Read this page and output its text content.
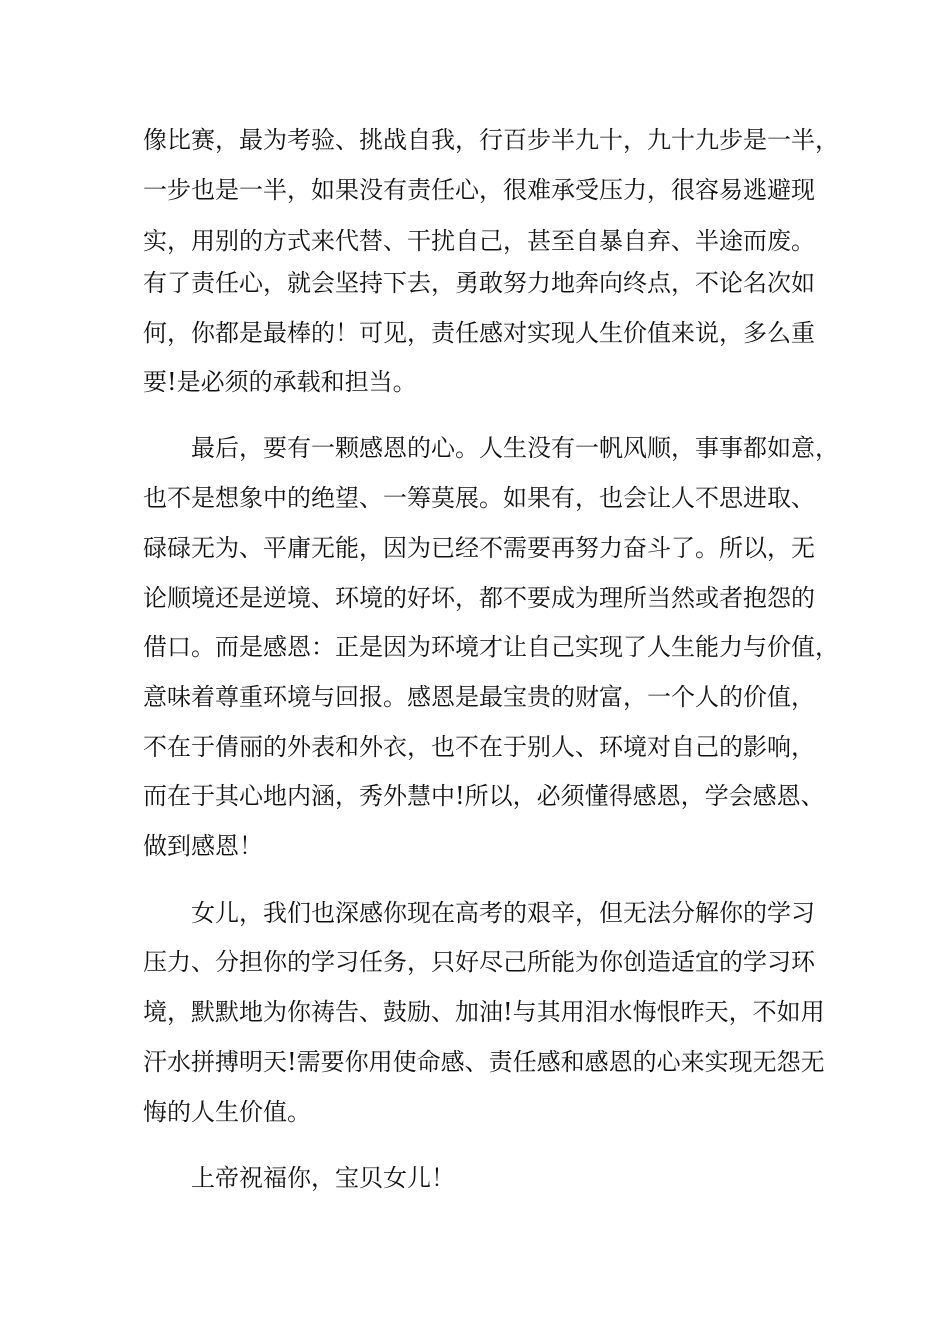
像比赛，最为考验、挑战自我，行百步半九十，九十九步是一半，
一步也是一半，如果没有责任心，很难承受压力，很容易逃避现
实，用别的方式来代替、干扰自己，甚至自暴自弃、半途而废。
有了责任心，就会坚持下去，勇敢努力地奔向终点，不论名次如
何，你都是最棒的！可见，责任感对实现人生价值来说，多么重
要!是必须的承载和担当。
最后，要有一颗感恩的心。人生没有一帆风顺，事事都如意，
也不是想象中的绝望、一筹莫展。如果有，也会让人不思进取、
碌碌无为、平庸无能，因为已经不需要再努力奋斗了。所以，无
论顺境还是逆境、环境的好坏，都不要成为理所当然或者抱怨的
借口。而是感恩：正是因为环境才让自己实现了人生能力与价值，
意味着尊重环境与回报。感恩是最宝贵的财富，一个人的价值，
不在于倩丽的外表和外衣，也不在于别人、环境对自己的影响，
而在于其心地内涵，秀外慧中!所以，必须懂得感恩，学会感恩、
做到感恩！
女儿，我们也深感你现在高考的艰辛，但无法分解你的学习
压力、分担你的学习任务，只好尽己所能为你创造适宜的学习环
境，默默地为你祷告、鼓励、加油!与其用泪水悔恨昨天，不如用
汗水拼搏明天!需要你用使命感、责任感和感恩的心来实现无怨无
悔的人生价值。
上帝祝福你，宝贝女儿！
